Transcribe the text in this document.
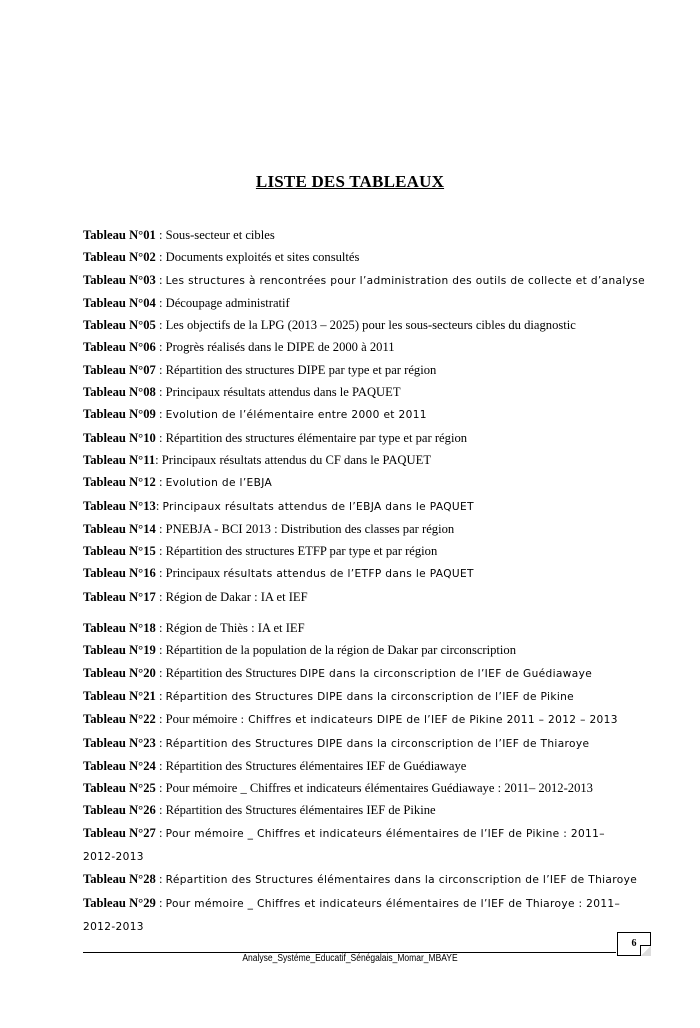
LISTE DES TABLEAUX
Tableau N°01 : Sous-secteur et cibles
Tableau N°02 : Documents exploités et sites consultés
Tableau N°03 : Les structures à rencontrées pour l’administration des outils de collecte et d’analyse
Tableau N°04 : Découpage administratif
Tableau N°05 : Les objectifs de la LPG (2013 – 2025) pour les sous-secteurs cibles du diagnostic
Tableau N°06 : Progrès réalisés dans le DIPE de 2000 à 2011
Tableau N°07 : Répartition des structures DIPE par type et par région
Tableau N°08 : Principaux résultats attendus dans le PAQUET
Tableau N°09 : Evolution de l’élémentaire entre 2000 et 2011
Tableau N°10 : Répartition des structures élémentaire par type et par région
Tableau N°11: Principaux résultats attendus du CF dans le PAQUET
Tableau N°12 : Evolution de l’EBJA
Tableau N°13: Principaux résultats attendus de l’EBJA dans le PAQUET
Tableau N°14 : PNEBJA - BCI 2013 : Distribution des classes par région
Tableau N°15 : Répartition des structures ETFP par type et par région
Tableau N°16 : Principaux résultats attendus de l’ETFP dans le PAQUET
Tableau N°17 : Région de Dakar : IA et IEF
Tableau N°18 : Région de Thiès : IA et IEF
Tableau N°19 : Répartition de la population de la région de Dakar par circonscription
Tableau N°20 : Répartition des Structures DIPE dans la circonscription de l’IEF de Guédiawaye
Tableau N°21 : Répartition des Structures DIPE dans la circonscription de l’IEF de Pikine
Tableau N°22 : Pour mémoire : Chiffres et indicateurs DIPE de l’IEF de Pikine 2011 – 2012 – 2013
Tableau N°23 : Répartition des Structures DIPE dans la circonscription de l’IEF de Thiaroye
Tableau N°24 : Répartition des Structures élémentaires IEF de Guédiawaye
Tableau N°25 : Pour mémoire _ Chiffres et indicateurs élémentaires Guédiawaye : 2011– 2012-2013
Tableau N°26 : Répartition des Structures élémentaires IEF de Pikine
Tableau N°27 : Pour mémoire _ Chiffres et indicateurs élémentaires de l’IEF de Pikine : 2011–2012-2013
Tableau N°28 : Répartition des Structures élémentaires dans la circonscription de l’IEF de Thiaroye
Tableau N°29 : Pour mémoire _ Chiffres et indicateurs élémentaires de l’IEF de Thiaroye : 2011–2012-2013
6
Analyse_Systéme_Educatif_Sénégalais_Momar_MBAYE
